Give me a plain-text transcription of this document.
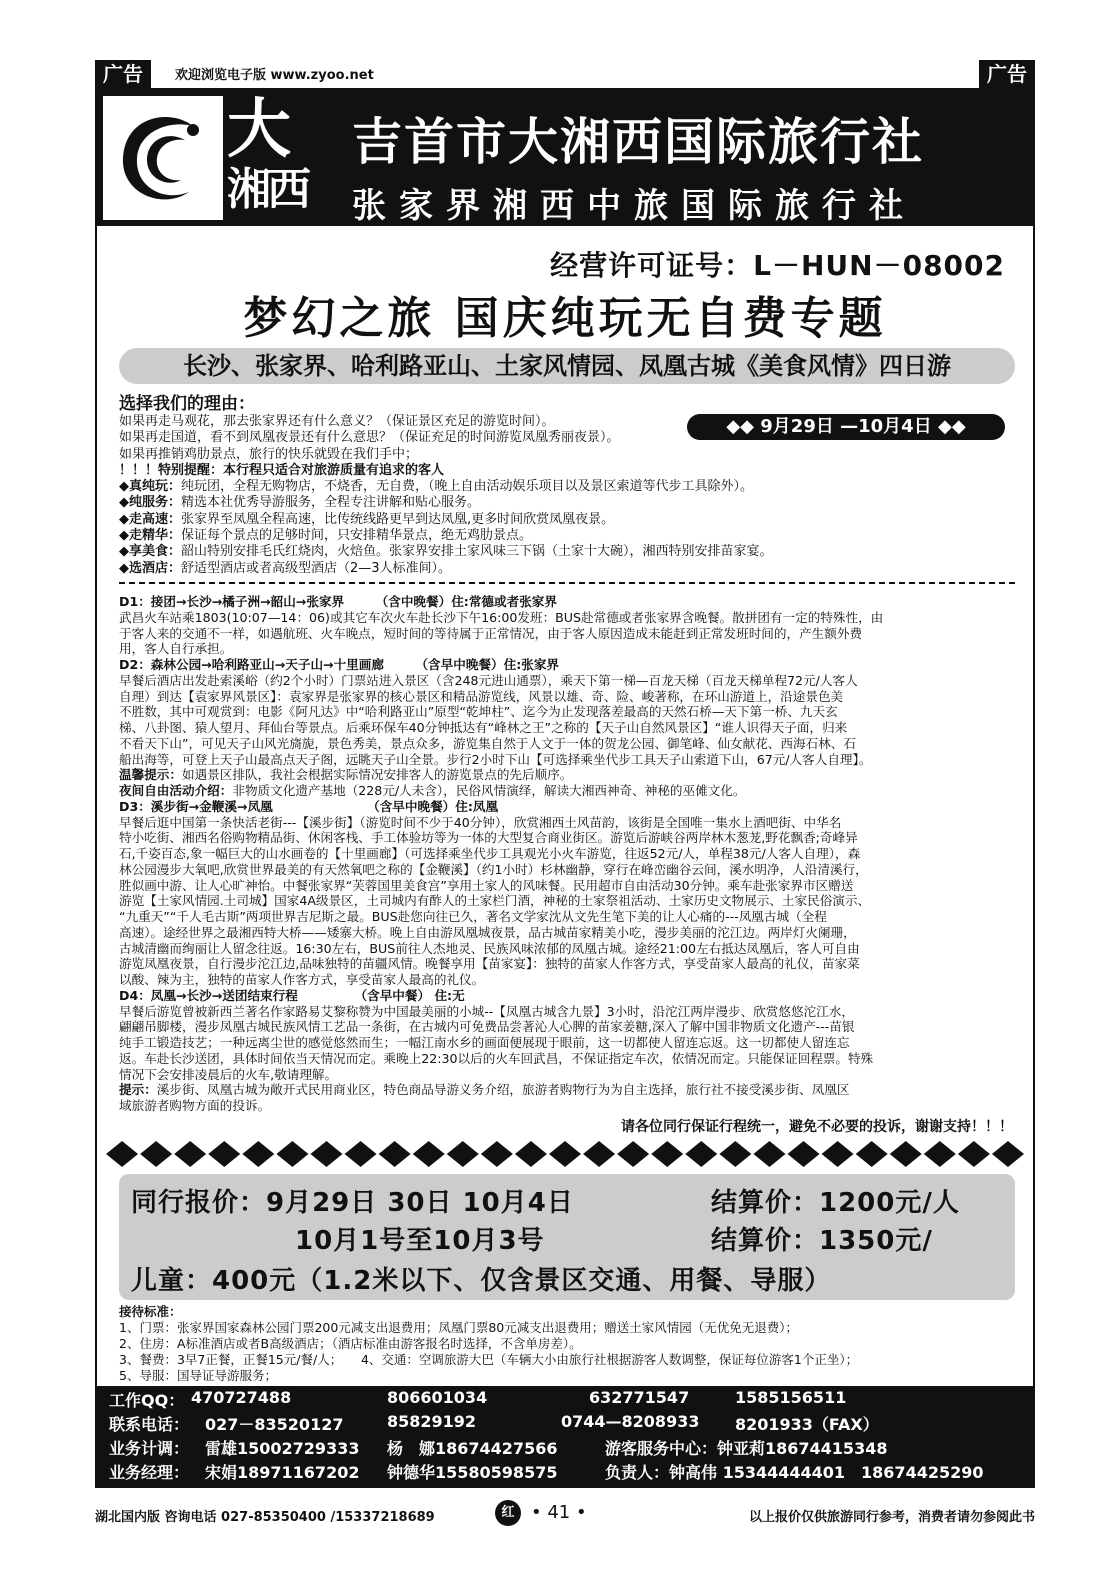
广告	欢迎浏览电子版 www.zyoo.net	广告
大
湘西
吉首市大湘西国际旅行社
张家界湘西中旅国际旅行社
经营许可证号：L－HUN－08002
梦幻之旅 国庆纯玩无自费专题
长沙、张家界、哈利路亚山、土家风情园、凤凰古城《美食风情》四日游
◆◆ 9月29日 —10月4日 ◆◆
选择我们的理由：
如果再走马观花，那去张家界还有什么意义？（保证景区充足的游览时间）。
如果再走国道，看不到凤凰夜景还有什么意思？（保证充足的时间游览凤凰秀丽夜景）。
如果再推销鸡肋景点，旅行的快乐就毁在我们手中；
！！！特别提醒：本行程只适合对旅游质量有追求的客人
◆真纯玩：纯玩团，全程无购物店，不烧香，无自费，（晚上自由活动娱乐项目以及景区索道等代步工具除外）。
◆纯服务：精选本社优秀导游服务，全程专注讲解和贴心服务。
◆走高速：张家界至凤凰全程高速，比传统线路更早到达凤凰,更多时间欣赏凤凰夜景。
◆走精华：保证每个景点的足够时间，只安排精华景点，绝无鸡肋景点。
◆享美食：韶山特别安排毛氏红烧肉，火焙鱼。张家界安排土家风味三下锅（土家十大碗），湘西特别安排苗家宴。
◆选酒店：舒适型酒店或者高级型酒店（2—3人标准间）。

D1：接团→长沙→橘子洲→韶山→张家界　　　（含中晚餐）住:常德或者张家界

武昌火车站乘1803(10:07—14：06)或其它车次火车赴长沙下午16:00发班：BUS赴常德或者张家界含晚餐。散拼团有一定的特殊性，由

于客人来的交通不一样，如遇航班、火车晚点，短时间的等待属于正常情况，由于客人原因造成未能赶到正常发班时间的，产生额外费

用，客人自行承担。

D2：森林公园→哈利路亚山→天子山→十里画廊　　　（含早中晚餐）住:张家界

早餐后酒店出发赴索溪峪（约2个小时）门票站进入景区（含248元进山通票），乘天下第一梯—百龙天梯（百龙天梯单程72元/人客人

自理）到达【袁家界风景区】：袁家界是张家界的核心景区和精品游览线，风景以雄、奇、险、峻著称，在环山游道上，沿途景色美

不胜数，其中可观赏到：电影《阿凡达》中“哈利路亚山”原型“乾坤柱”、迄今为止发现落差最高的天然石桥—天下第一桥、九天玄

梯、八卦图、猿人望月、拜仙台等景点。后乘环保车40分钟抵达有“峰林之王”之称的【天子山自然风景区】“谁人识得天子面，归来

不看天下山”，可见天子山风光旖旎，景色秀美，景点众多，游览集自然于人文于一体的贺龙公园、御笔峰、仙女献花、西海石林、石

船出海等，可登上天子山最高点天子阁，远眺天子山全景。步行2小时下山【可选择乘坐代步工具天子山索道下山，67元/人客人自理】。

温馨提示：如遇景区排队，我社会根据实际情况安排客人的游览景点的先后顺序。

夜间自由活动介绍：非物质文化遗产基地（228元/人未含），民俗风情演绎，解读大湘西神奇、神秘的巫傩文化。

D3：溪步街→金鞭溪→凤凰　　　　　　　　（含早中晚餐）住:凤凰

早餐后逛中国第一条快活老街---【溪步街】（游览时间不少于40分钟），欣赏湘西土风苗韵，该街是全国唯一集水上酒吧街、中华名

特小吃街、湘西名俗购物精品街、休闲客栈、手工体验坊等为一体的大型复合商业街区。游览后游峡谷两岸林木葱茏,野花飘香;奇峰异

石,千姿百态,象一幅巨大的山水画卷的【十里画廊】（可选择乘坐代步工具观光小火车游览，往返52元/人，单程38元/人客人自理），森

林公园漫步大氧吧,欣赏世界最美的有天然氧吧之称的【金鞭溪】（约1小时）杉林幽静，穿行在峰峦幽谷云间，溪水明净，人沿清溪行，

胜似画中游、让人心旷神怡。中餐张家界“芙蓉国里美食宫”享用土家人的风味餐。民用超市自由活动30分钟。乘车赴张家界市区赠送

游览【土家风情园.土司城】国家4A级景区，土司城内有酢人的土家栏门酒，神秘的土家祭祖活动、土家历史文物展示、土家民俗演示、

“九重天”“千人毛古斯”两项世界吉尼斯之最。BUS赴您向往已久，著名文学家沈从文先生笔下美的让人心痛的---凤凰古城（全程

高速）。途经世界之最湘西特大桥——矮寨大桥。晚上自由游凤凰城夜景，品古城苗家精美小吃，漫步美丽的沱江边。两岸灯火阑珊，

古城清幽而绚丽让人留念往返。16:30左右，BUS前往人杰地灵、民族风味浓郁的凤凰古城。途经21:00左右抵达凤凰后，客人可自由

游览凤凰夜景，自行漫步沱江边,品味独特的苗疆风情。晚餐享用【苗家宴】：独特的苗家人作客方式，享受苗家人最高的礼仪，苗家菜

以酸、辣为主，独特的苗家人作客方式，享受苗家人最高的礼仪。

D4：凤凰→长沙→送团结束行程　　　　　（含早中餐） 住:无

早餐后游览曾被新西兰著名作家路易艾黎称赞为中国最美丽的小城--【凤凰古城含九景】3小时，沿沱江两岸漫步、欣赏悠悠沱江水，

翩翩吊脚楼，漫步凤凰古城民族风情工艺品一条街，在古城内可免费品尝著沁人心脾的苗家姜糖,深入了解中国非物质文化遗产---苗银

纯手工锻造技艺；一种远离尘世的感觉悠然而生；一幅江南水乡的画面便展现于眼前，这一切都使人留连忘返。这一切都使人留连忘

返。车赴长沙送团，具体时间依当天情况而定。乘晚上22:30以后的火车回武昌，不保证指定车次，依情况而定。只能保证回程票。特殊

情况下会安排凌晨后的火车,敬请理解。

提示：溪步街、凤凰古城为敞开式民用商业区，特色商品导游义务介绍，旅游者购物行为为自主选择，旅行社不接受溪步街、凤凰区

域旅游者购物方面的投诉。

请各位同行保证行程统一，避免不必要的投诉，谢谢支持！！！
同行报价：9月29日 30日 10月4日	结算价：1200元/人
10月1号至10月3号	结算价：1350元/
儿童：400元（1.2米以下、仅含景区交通、用餐、导服）
接待标准：
1、门票：张家界国家森林公园门票200元减支出退费用；凤凰门票80元减支出退费用；赠送土家风情园（无优免无退费）；
2、住房：A标准酒店或者B高级酒店；（酒店标准由游客报名时选择，不含单房差）。
3、餐费：3早7正餐，正餐15元/餐/人；　　4、交通：空调旅游大巴（车辆大小由旅行社根据游客人数调整，保证每位游客1个正坐）；
5、导服：国导证导游服务；
工作QQ： 470727488	806601034	632771547	1585156511
联系电话： 027－83520127	85829192	0744—8208933 8201933（FAX）
业务计调： 雷雄15002729333 杨　娜18674427566	游客服务中心：钟亚莉18674415348
业务经理： 宋娟18971167202 钟德华15580598575	负责人：钟高伟 15344444401　18674425290
湖北国内版 咨询电话 027-85350400 /15337218689	红 • 41 •	以上报价仅供旅游同行参考，消费者请勿参阅此书
